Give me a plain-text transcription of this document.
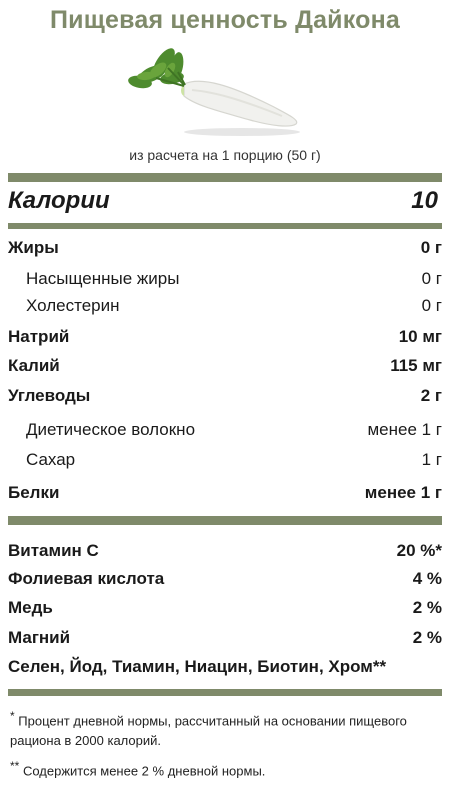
Пищевая ценность Дайкона
из расчета на 1 порцию (50 г)
Калории	10
Жиры	0 г
Насыщенные жиры	0 г
Холестерин	0 г
Натрий	10 мг
Калий	115 мг
Углеводы	2 г
Диетическое волокно	менее 1 г
Сахар	1 г
Белки	менее 1 г
Витамин C	20 %*
Фолиевая кислота	4 %
Медь	2 %
Магний	2 %
Селен, Йод, Тиамин, Ниацин, Биотин, Хром**
* Процент дневной нормы, рассчитанный на основании пищевого рациона в 2000 калорий.
** Содержится менее 2 % дневной нормы.
